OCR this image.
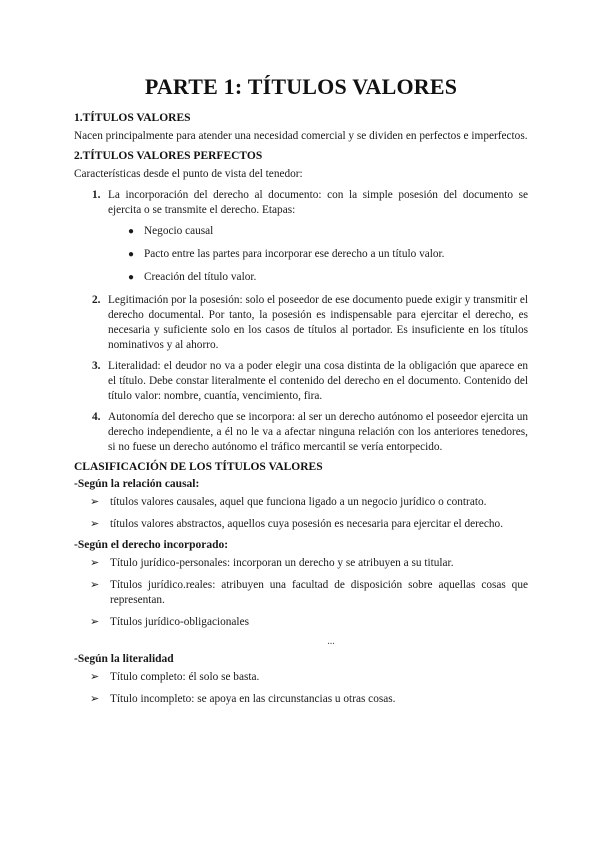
PARTE 1: TÍTULOS VALORES
1.TÍTULOS VALORES

Nacen principalmente para atender una necesidad comercial y se dividen en perfectos e imperfectos.

2.TÍTULOS VALORES PERFECTOS

Características desde el punto de vista del tenedor:

1. La incorporación del derecho al documento: con la simple posesión del documento se ejercita o se transmite el derecho. Etapas:
● Negocio causal
● Pacto entre las partes para incorporar ese derecho a un título valor.
● Creación del título valor.
2. Legitimación por la posesión: solo el poseedor de ese documento puede exigir y transmitir el derecho documental. Por tanto, la posesión es indispensable para ejercitar el derecho, es necesaria y suficiente solo en los casos de títulos al portador. Es insuficiente en los títulos nominativos y al ahorro.
3. Literalidad: el deudor no va a poder elegir una cosa distinta de la obligación que aparece en el título. Debe constar literalmente el contenido del derecho en el documento. Contenido del título valor: nombre, cuantía, vencimiento, fira.
4. Autonomía del derecho que se incorpora: al ser un derecho autónomo el poseedor ejercita un derecho independiente, a él no le va a afectar ninguna relación con los anteriores tenedores, si no fuese un derecho autónomo el tráfico mercantil se vería entorpecido.
CLASIFICACIÓN DE LOS TÍTULOS VALORES
-Según la relación causal:
➢ títulos valores causales, aquel que funciona ligado a un negocio jurídico o contrato.
➢ títulos valores abstractos, aquellos cuya posesión es necesaria para ejercitar el derecho.
-Según el derecho incorporado:
➢ Título jurídico-personales: incorporan un derecho y se atribuyen a su titular.
➢ Títulos jurídico.reales: atribuyen una facultad de disposición sobre aquellas cosas que representan.
➢ Títulos jurídico-obligacionales
...
-Según la literalidad
➢ Título completo: él solo se basta.
➢ Título incompleto: se apoya en las circunstancias u otras cosas.
